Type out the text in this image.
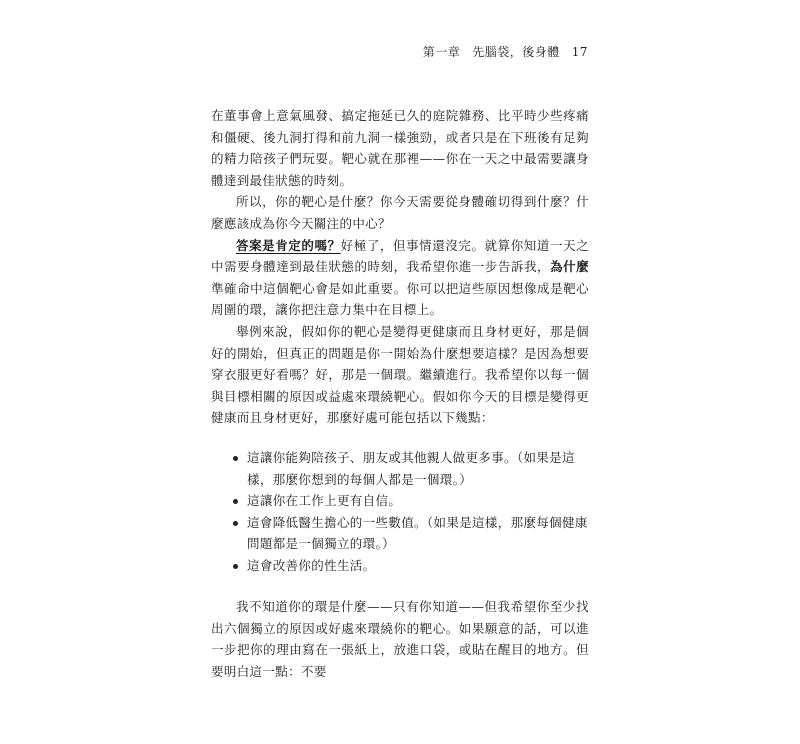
第一章 先腦袋，後身體 17

在董事會上意氣風發、搞定拖延已久的庭院雜務、比平時少些疼痛和僵硬、後九洞打得和前九洞一樣強勁，或者只是在下班後有足夠的精力陪孩子們玩耍。靶心就在那裡——你在一天之中最需要讓身體達到最佳狀態的時刻。

所以，你的靶心是什麼？你今天需要從身體確切得到什麼？什麼應該成為你今天關注的中心？

答案是肯定的嗎？好極了，但事情還沒完。就算你知道一天之中需要身體達到最佳狀態的時刻，我希望你進一步告訴我，為什麼準確命中這個靶心會是如此重要。你可以把這些原因想像成是靶心周圍的環，讓你把注意力集中在目標上。

舉例來說，假如你的靶心是變得更健康而且身材更好，那是個好的開始，但真正的問題是你一開始為什麼想要這樣？是因為想要穿衣服更好看嗎？好，那是一個環。繼續進行。我希望你以每一個與目標相關的原因或益處來環繞靶心。假如你今天的目標是變得更健康而且身材更好，那麼好處可能包括以下幾點：

這讓你能夠陪孩子、朋友或其他親人做更多事。（如果是這樣，那麼你想到的每個人都是一個環。）
這讓你在工作上更有自信。
這會降低醫生擔心的一些數值。（如果是這樣，那麼每個健康問題都是一個獨立的環。）
這會改善你的性生活。

我不知道你的環是什麼——只有你知道——但我希望你至少找出六個獨立的原因或好處來環繞你的靶心。如果願意的話，可以進一步把你的理由寫在一張紙上，放進口袋，或貼在醒目的地方。但要明白這一點：不要
